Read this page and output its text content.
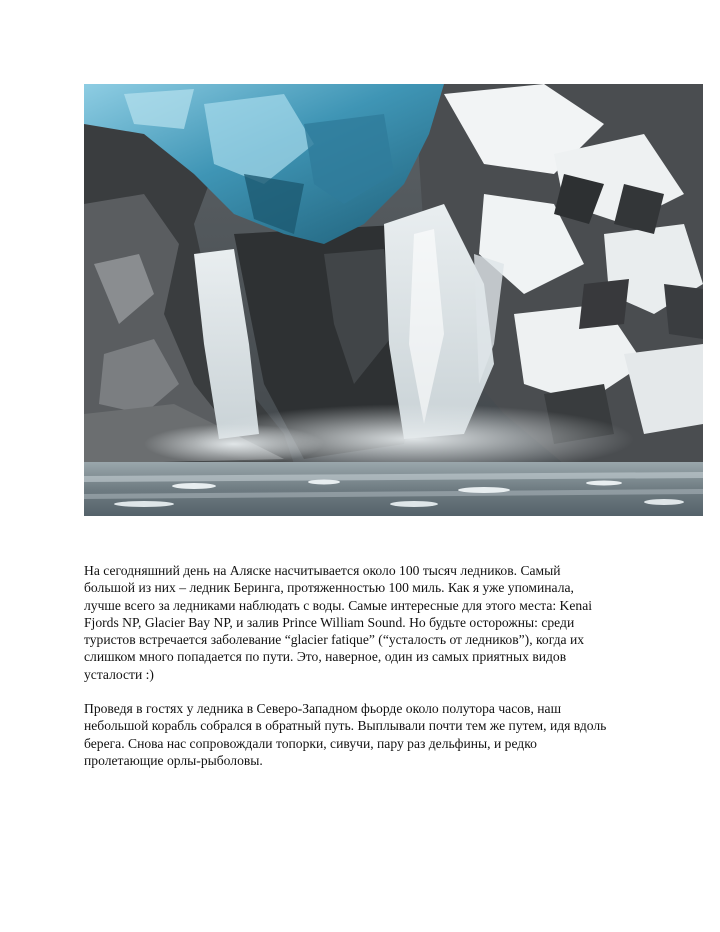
На сегодняшний день на Аляске насчитывается около 100 тысяч ледников. Самый
большой из них – ледник Беринга, протяженностью 100 миль. Как я уже упоминала,
лучше всего за ледниками наблюдать с воды. Самые интересные для этого места: Kenai
Fjords NP, Glacier Bay NP, и залив Prince William Sound. Но будьте осторожны: среди
туристов встречается заболевание “glacier fatique” (“усталость от ледников”), когда их
слишком много попадается по пути. Это, наверное, один из самых приятных видов
усталости :)

Проведя в гостях у ледника в Северо-Западном фьорде около полутора часов, наш
небольшой корабль собрался в обратный путь. Выплывали почти тем же путем, идя вдоль
берега. Снова нас сопровождали топорки, сивучи, пару раз дельфины, и редко
пролетающие орлы-рыболовы.
